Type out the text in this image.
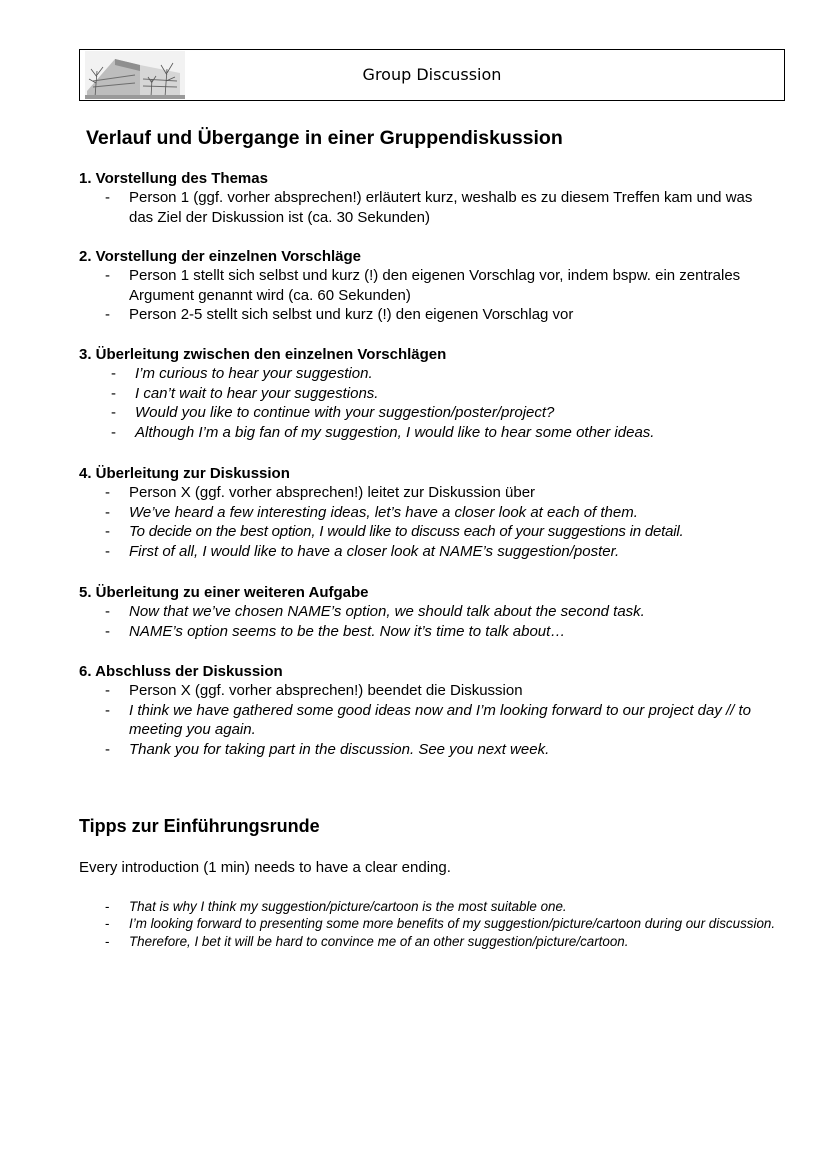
Group Discussion
Verlauf und Übergange in einer Gruppendiskussion
1. Vorstellung des Themas
- Person 1 (ggf. vorher absprechen!) erläutert kurz, weshalb es zu diesem Treffen kam und was das Ziel der Diskussion ist (ca. 30 Sekunden)
2. Vorstellung der einzelnen Vorschläge
- Person 1 stellt sich selbst und kurz (!) den eigenen Vorschlag vor, indem bspw. ein zentrales Argument genannt wird (ca. 60 Sekunden)
- Person 2-5 stellt sich selbst und kurz (!) den eigenen Vorschlag vor
3. Überleitung zwischen den einzelnen Vorschlägen
- I’m curious to hear your suggestion.
- I can’t wait to hear your suggestions.
- Would you like to continue with your suggestion/poster/project?
- Although I’m a big fan of my suggestion, I would like to hear some other ideas.
4. Überleitung zur Diskussion
- Person X (ggf. vorher absprechen!) leitet zur Diskussion über
- We’ve heard a few interesting ideas, let’s have a closer look at each of them.
- To decide on the best option, I would like to discuss each of your suggestions in detail.
- First of all, I would like to have a closer look at NAME’s suggestion/poster.
5. Überleitung zu einer weiteren Aufgabe
- Now that we’ve chosen NAME’s option, we should talk about the second task.
- NAME’s option seems to be the best. Now it’s time to talk about…
6. Abschluss der Diskussion
- Person X (ggf. vorher absprechen!) beendet die Diskussion
- I think we have gathered some good ideas now and I’m looking forward to our project day // to meeting you again.
- Thank you for taking part in the discussion. See you next week.
Tipps zur Einführungsrunde
Every introduction (1 min) needs to have a clear ending.
- That is why I think my suggestion/picture/cartoon is the most suitable one.
- I’m looking forward to presenting some more benefits of my suggestion/picture/cartoon during our discussion.
- Therefore, I bet it will be hard to convince me of an other suggestion/picture/cartoon.
